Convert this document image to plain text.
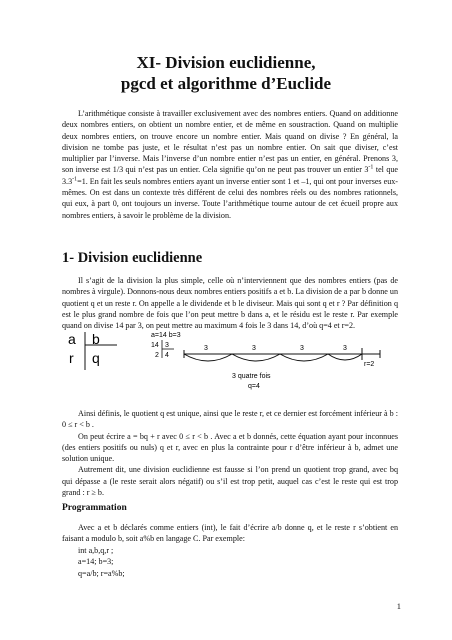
XI- Division euclidienne,
pgcd et algorithme d’Euclide

L’arithmétique consiste à travailler exclusivement avec des nombres entiers. Quand on additionne deux nombres entiers, on obtient un nombre entier, et de même en soustraction. Quand on multiplie deux nombres entiers, on trouve encore un nombre entier. Mais quand on divise ? En général, la division ne tombe pas juste, et le résultat n’est pas un nombre entier. On sait que diviser, c’est multiplier par l’inverse. Mais l’inverse d’un nombre entier n’est pas un entier, en général. Prenons 3, son inverse est 1/3 qui n’est pas un entier. Cela signifie qu’on ne peut pas trouver un entier $3^{-1}$ tel que $3.3^{-1}=1$. En fait les seuls nombres entiers ayant un inverse entier sont 1 et –1, qui ont pour inverses eux-mêmes. On est dans un contexte très différent de celui des nombres réels ou des nombres rationnels, qui eux, à part 0, ont toujours un inverse. Toute l’arithmétique tourne autour de cet écueil propre aux nombres entiers, à savoir le problème de la division.

1- Division euclidienne

Il s’agit de la division la plus simple, celle où n’interviennent que des nombres entiers (pas de nombres à virgule). Donnons-nous deux nombres entiers positifs a et b. La division de a par b donne un quotient q et un reste r. On appelle a le dividende et b le diviseur. Mais qui sont q et r ? Par définition q est le plus grand nombre de fois que l’on peut mettre b dans a, et le résidu est le reste r. Par exemple quand on divise 14 par 3, on peut mettre au maximum 4 fois le 3 dans 14, d’où q=4 et r=2.

a b
r q
a=14 b=3
14 3
2 4
3	3	3	3
r=2
3 quatre fois
q=4

Ainsi définis, le quotient q est unique, ainsi que le reste r, et ce dernier est forcément inférieur à b : 0 ≤ r < b .

On peut écrire a = bq + r avec 0 ≤ r < b . Avec a et b donnés, cette équation ayant pour inconnues (des entiers positifs ou nuls) q et r, avec en plus la contrainte pour r d’être inférieur à b, admet une solution unique.

Autrement dit, une division euclidienne est fausse si l’on prend un quotient trop grand, avec bq qui dépasse a (le reste serait alors négatif) ou s’il est trop petit, auquel cas c’est le reste qui est trop grand : r ≥ b.

Programmation

Avec a et b déclarés comme entiers (int), le fait d’écrire a/b donne q, et le reste r s’obtient en faisant a modulo b, soit a%b en langage C. Par exemple:

int a,b,q,r ;
a=14; b=3;
q=a/b; r=a%b;
1
